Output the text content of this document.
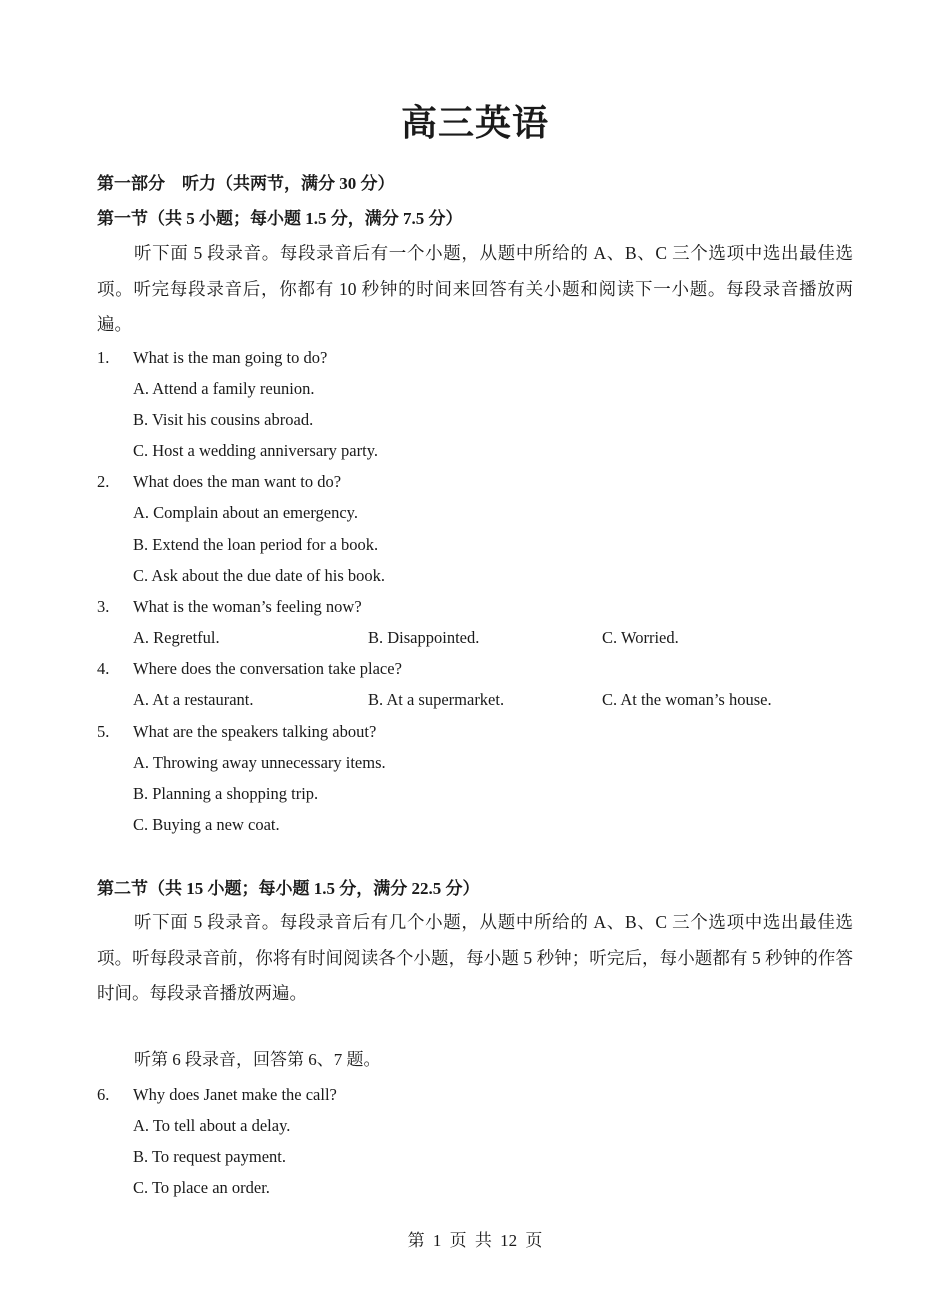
高三英语
第一部分　听力（共两节，满分 30 分）
第一节（共 5 小题；每小题 1.5 分，满分 7.5 分）
听下面 5 段录音。每段录音后有一个小题，从题中所给的 A、B、C 三个选项中选出最佳选项。听完每段录音后，你都有 10 秒钟的时间来回答有关小题和阅读下一小题。每段录音播放两遍。
1. What is the man going to do?
A. Attend a family reunion.
B. Visit his cousins abroad.
C. Host a wedding anniversary party.
2. What does the man want to do?
A. Complain about an emergency.
B. Extend the loan period for a book.
C. Ask about the due date of his book.
3. What is the woman’s feeling now?
A. Regretful.	B. Disappointed.	C. Worried.
4. Where does the conversation take place?
A. At a restaurant.	B. At a supermarket.	C. At the woman’s house.
5. What are the speakers talking about?
A. Throwing away unnecessary items.
B. Planning a shopping trip.
C. Buying a new coat.
第二节（共 15 小题；每小题 1.5 分，满分 22.5 分）
听下面 5 段录音。每段录音后有几个小题，从题中所给的 A、B、C 三个选项中选出最佳选项。听每段录音前，你将有时间阅读各个小题，每小题 5 秒钟；听完后，每小题都有 5 秒钟的作答时间。每段录音播放两遍。
听第 6 段录音，回答第 6、7 题。
6. Why does Janet make the call?
A. To tell about a delay.
B. To request payment.
C. To place an order.
第 1 页 共 12 页
